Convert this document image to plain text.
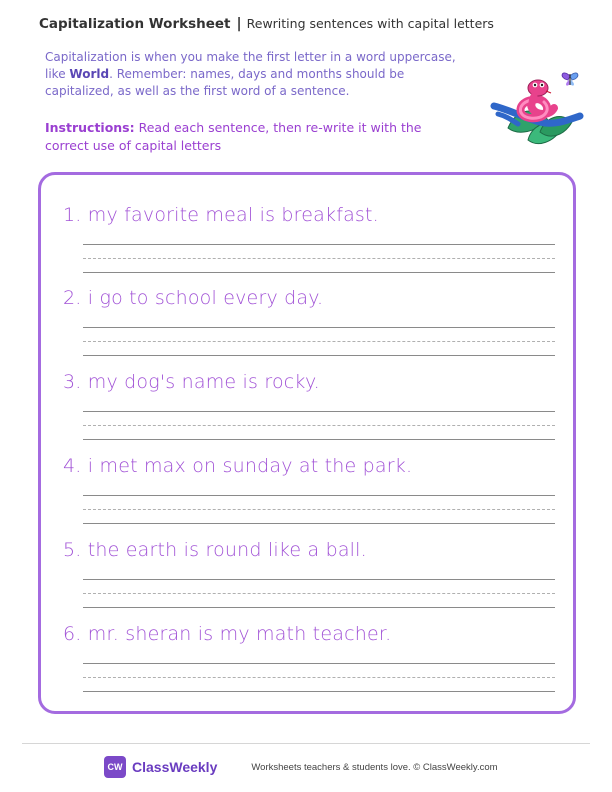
Capitalization Worksheet | Rewriting sentences with capital letters

Capitalization is when you make the first letter in a word uppercase, like World. Remember: names, days and months should be capitalized, as well as the first word of a sentence.

Instructions: Read each sentence, then re-write it with the correct use of capital letters

1. my favorite meal is breakfast.
2. i go to school every day.
3. my dog's name is rocky.
4. i met max on sunday at the park.
5. the earth is round like a ball.
6. mr. sheran is my math teacher.
CW ClassWeekly	Worksheets teachers & students love. © ClassWeekly.com
